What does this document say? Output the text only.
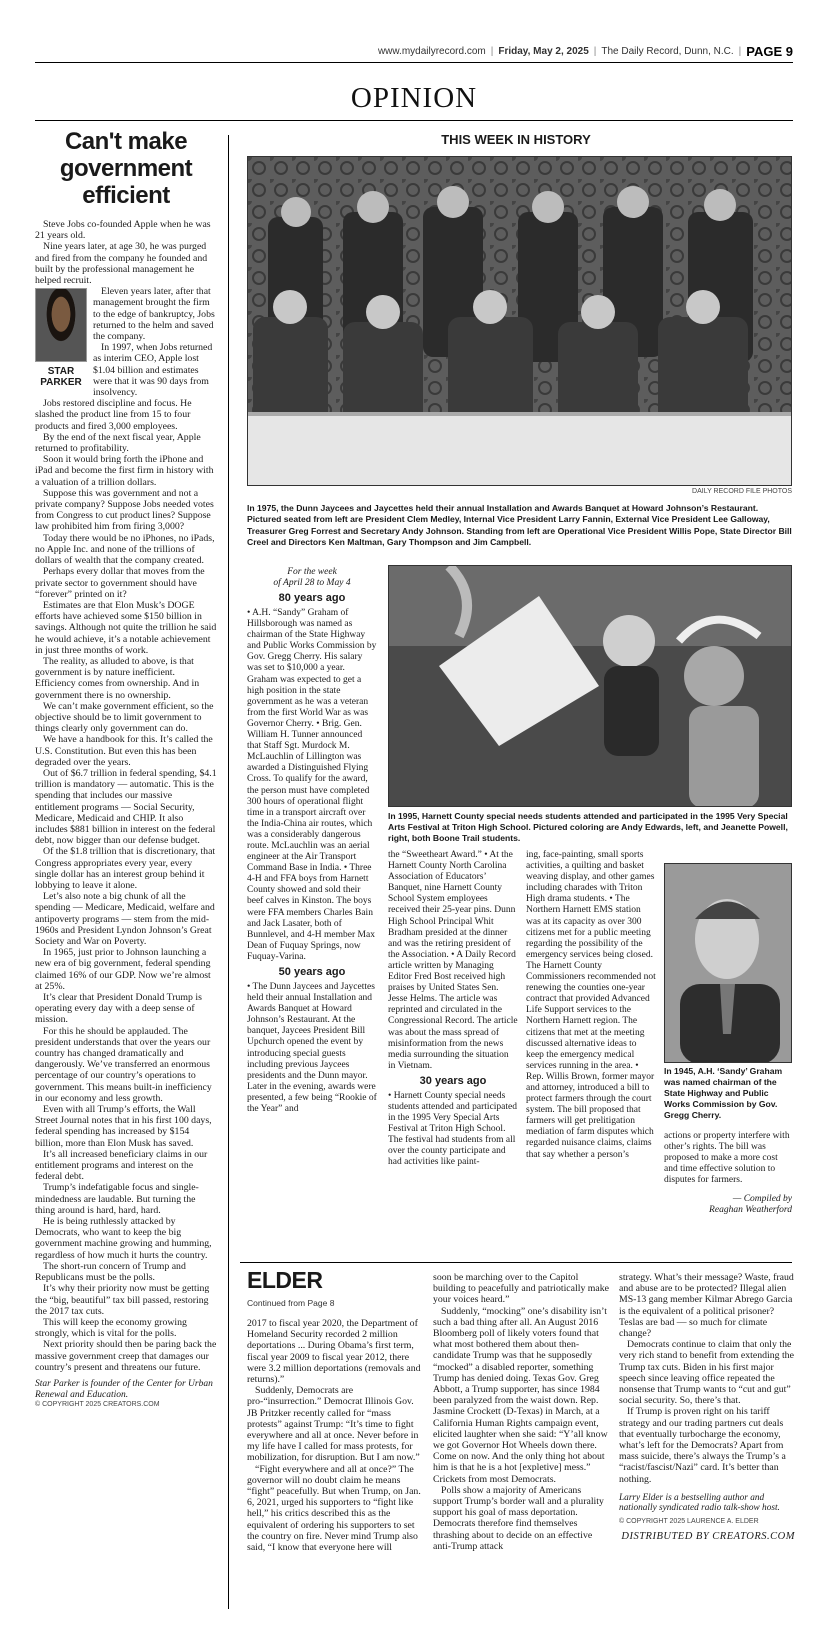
www.mydailyrecord.com | Friday, May 2, 2025 | The Daily Record, Dunn, N.C. | PAGE 9
OPINION
Can't make government efficient

Steve Jobs co-founded Apple when he was 21 years old.

Nine years later, at age 30, he was purged and fired from the company he founded and built by the professional management he helped recruit.

STAR
PARKER

Eleven years later, after that management brought the firm to the edge of bankruptcy, Jobs returned to the helm and saved the company.

In 1997, when Jobs returned as interim CEO, Apple lost $1.04 billion and estimates were that it was 90 days from insolvency.

Jobs restored discipline and focus. He slashed the product line from 15 to four products and fired 3,000 employees.

By the end of the next fiscal year, Apple returned to profitability.

Soon it would bring forth the iPhone and iPad and become the first firm in history with a valuation of a trillion dollars.

Suppose this was government and not a private company? Suppose Jobs needed votes from Congress to cut product lines? Suppose law prohibited him from firing 3,000?

Today there would be no iPhones, no iPads, no Apple Inc. and none of the trillions of dollars of wealth that the company created.

Perhaps every dollar that moves from the private sector to government should have “forever” printed on it?

Estimates are that Elon Musk’s DOGE efforts have achieved some $150 billion in savings. Although not quite the trillion he said he would achieve, it’s a notable achievement in just three months of work.

The reality, as alluded to above, is that government is by nature inefficient. Efficiency comes from ownership. And in government there is no ownership.

We can’t make government efficient, so the objective should be to limit government to things clearly only government can do.

We have a handbook for this. It’s called the U.S. Constitution. But even this has been degraded over the years.

Out of $6.7 trillion in federal spending, $4.1 trillion is mandatory — automatic. This is the spending that includes our massive entitlement programs — Social Security, Medicare, Medicaid and CHIP. It also includes $881 billion in interest on the federal debt, now bigger than our defense budget.

Of the $1.8 trillion that is discretionary, that Congress appropriates every year, every single dollar has an interest group behind it lobbying to leave it alone.

Let’s also note a big chunk of all the spending — Medicare, Medicaid, welfare and antipoverty programs — stem from the mid-1960s and President Lyndon Johnson’s Great Society and War on Poverty.

In 1965, just prior to Johnson launching a new era of big government, federal spending claimed 16% of our GDP. Now we’re almost at 25%.

It’s clear that President Donald Trump is operating every day with a deep sense of mission.

For this he should be applauded. The president understands that over the years our country has changed dramatically and dangerously. We’ve transferred an enormous percentage of our country’s operations to government. This means built-in inefficiency in our economy and less growth.

Even with all Trump’s efforts, the Wall Street Journal notes that in his first 100 days, federal spending has increased by $154 billion, more than Elon Musk has saved.

It’s all increased beneficiary claims in our entitlement programs and interest on the federal debt.

Trump’s indefatigable focus and single-mindedness are laudable. But turning the thing around is hard, hard, hard.

He is being ruthlessly attacked by Democrats, who want to keep the big government machine growing and humming, regardless of how much it hurts the country.

The short-run concern of Trump and Republicans must be the polls.

It’s why their priority now must be getting the “big, beautiful” tax bill passed, restoring the 2017 tax cuts.

This will keep the economy growing strongly, which is vital for the polls.

Next priority should then be paring back the massive government creep that damages our country’s present and threatens our future.

Star Parker is founder of the Center for Urban Renewal and Education.
© COPYRIGHT 2025 CREATORS.COM
THIS WEEK IN HISTORY
DAILY RECORD FILE PHOTOS
In 1975, the Dunn Jaycees and Jaycettes held their annual Installation and Awards Banquet at Howard Johnson’s Restaurant. Pictured seated from left are President Clem Medley, Internal Vice President Larry Fannin, External Vice President Lee Galloway, Treasurer Greg Forrest and Secretary Andy Johnson. Standing from left are Operational Vice President Willis Pope, State Director Bill Creel and Directors Ken Maltman, Gary Thompson and Jim Campbell.
For the week
of April 28 to May 4
80 years ago
• A.H. “Sandy” Graham of Hillsborough was named as chairman of the State Highway and Public Works Commission by Gov. Gregg Cherry. His salary was set to $10,000 a year. Graham was expected to get a high position in the state government as he was a veteran from the first World War as was Governor Cherry. • Brig. Gen. William H. Tunner announced that Staff Sgt. Murdock M. McLauchlin of Lillington was awarded a Distinguished Flying Cross. To qualify for the award, the person must have completed 300 hours of operational flight time in a transport aircraft over the India-China air routes, which was a considerably dangerous route. McLauchlin was an aerial engineer at the Air Transport Command Base in India. • Three 4-H and FFA boys from Harnett County showed and sold their beef calves in Kinston. The boys were FFA members Charles Bain and Jack Lasater, both of Bunnlevel, and 4-H member Max Dean of Fuquay Springs, now Fuquay-Varina.
50 years ago
• The Dunn Jaycees and Jaycettes held their annual Installation and Awards Banquet at Howard Johnson’s Restaurant. At the banquet, Jaycees President Bill Upchurch opened the event by introducing special guests including previous Jaycees presidents and the Dunn mayor. Later in the evening, awards were presented, a few being “Rookie of the Year” and
In 1995, Harnett County special needs students attended and participated in the 1995 Very Special Arts Festival at Triton High School. Pictured coloring are Andy Edwards, left, and Jeanette Powell, right, both Boone Trail students.
the “Sweetheart Award.” • At the Harnett County North Carolina Association of Educators’ Banquet, nine Harnett County School System employees received their 25-year pins. Dunn High School Principal Whit Bradham presided at the dinner and was the retiring president of the Association. • A Daily Record article written by Managing Editor Fred Bost received high praises by United States Sen. Jesse Helms. The article was reprinted and circulated in the Congressional Record. The article was about the mass spread of misinformation from the news media surrounding the situation in Vietnam.
30 years ago
• Harnett County special needs students attended and participated in the 1995 Very Special Arts Festival at Triton High School. The festival had students from all over the county participate and had activities like paint-
ing, face-painting, small sports activities, a quilting and basket weaving display, and other games including charades with Triton High drama students. • The Northern Harnett EMS station was at its capacity as over 300 citizens met for a public meeting regarding the possibility of the emergency services being closed. The Harnett County Commissioners recommended not renewing the counties one-year contract that provided Advanced Life Support services to the Northern Harnett region. The citizens that met at the meeting discussed alternative ideas to keep the emergency medical services running in the area. • Rep. Willis Brown, former mayor and attorney, introduced a bill to protect farmers through the court system. The bill proposed that farmers will get prelitigation mediation of farm disputes which regarded nuisance claims, claims that say whether a person’s
In 1945, A.H. ‘Sandy’ Graham was named chairman of the State Highway and Public Works Commission by Gov. Gregg Cherry.
actions or property interfere with other’s rights. The bill was proposed to make a more cost and time effective solution to disputes for farmers.
— Compiled by
Reaghan Weatherford
ELDER
Continued from Page 8

2017 to fiscal year 2020, the Department of Homeland Security recorded 2 million deportations ... During Obama’s first term, fiscal year 2009 to fiscal year 2012, there were 3.2 million deportations (removals and returns).”

Suddenly, Democrats are pro-“insurrection.” Democrat Illinois Gov. JB Pritzker recently called for “mass protests” against Trump: “It’s time to fight everywhere and all at once. Never before in my life have I called for mass protests, for mobilization, for disruption. But I am now.”

“Fight everywhere and all at once?” The governor will no doubt claim he means “fight” peacefully. But when Trump, on Jan. 6, 2021, urged his supporters to “fight like hell,” his critics described this as the equivalent of ordering his supporters to set the country on fire. Never mind Trump also said, “I know that everyone here will

soon be marching over to the Capitol building to peacefully and patriotically make your voices heard.”

Suddenly, “mocking” one’s disability isn’t such a bad thing after all. An August 2016 Bloomberg poll of likely voters found that what most bothered them about then-candidate Trump was that he supposedly “mocked” a disabled reporter, something Trump has denied doing. Texas Gov. Greg Abbott, a Trump supporter, has since 1984 been paralyzed from the waist down. Rep. Jasmine Crockett (D-Texas) in March, at a California Human Rights campaign event, elicited laughter when she said: “Y’all know we got Governor Hot Wheels down there. Come on now. And the only thing hot about him is that he is a hot [expletive] mess.” Crickets from most Democrats.

Polls show a majority of Americans support Trump’s border wall and a plurality support his goal of mass deportation. Democrats therefore find themselves thrashing about to decide on an effective anti-Trump attack

strategy. What’s their message? Waste, fraud and abuse are to be protected? Illegal alien MS-13 gang member Kilmar Abrego Garcia is the equivalent of a political prisoner? Teslas are bad — so much for climate change?

Democrats continue to claim that only the very rich stand to benefit from extending the Trump tax cuts. Biden in his first major speech since leaving office repeated the nonsense that Trump wants to “cut and gut” social security. So, there’s that.

If Trump is proven right on his tariff strategy and our trading partners cut deals that eventually turbocharge the economy, what’s left for the Democrats? Apart from mass suicide, there’s always the Trump’s a “racist/fascist/Nazi” card. It’s better than nothing.

Larry Elder is a bestselling author and nationally syndicated radio talk-show host.
© COPYRIGHT 2025 LAURENCE A. ELDER
DISTRIBUTED BY CREATORS.COM
